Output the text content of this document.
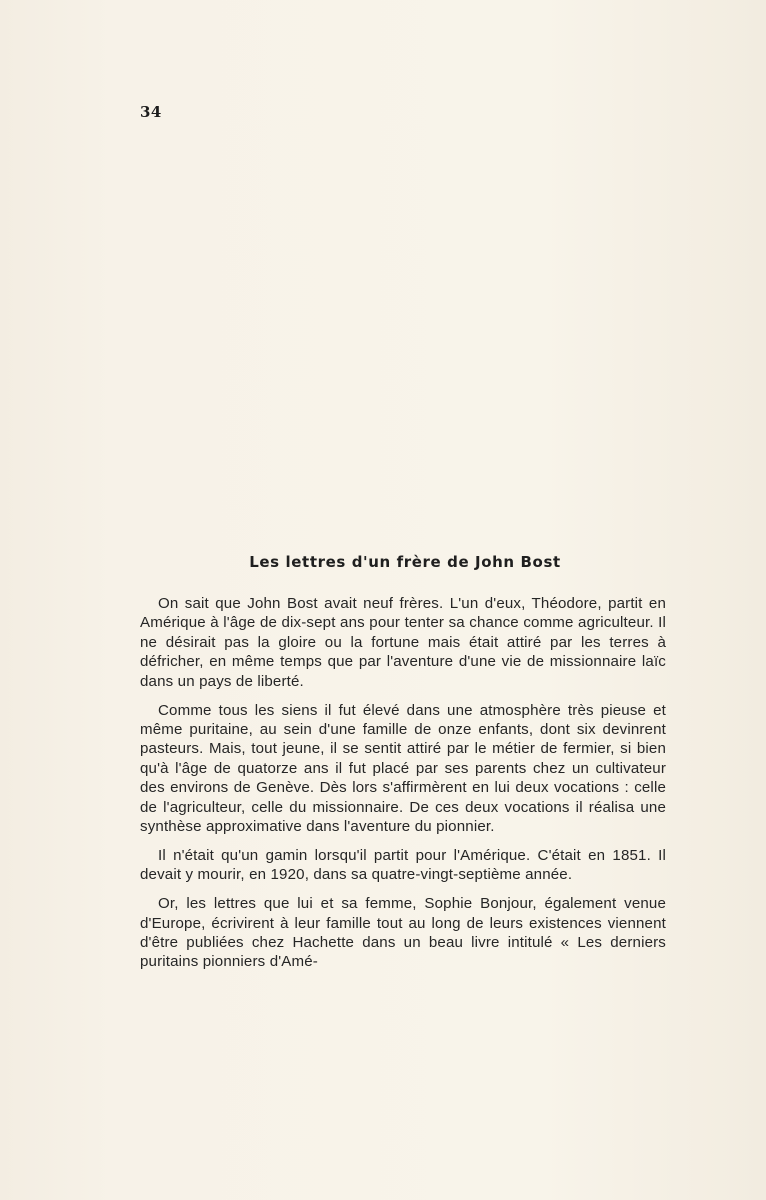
34
Les lettres d'un frère de John Bost

On sait que John Bost avait neuf frères. L'un d'eux, Théodore, partit en Amérique à l'âge de dix-sept ans pour tenter sa chance comme agriculteur. Il ne désirait pas la gloire ou la fortune mais était attiré par les terres à défricher, en même temps que par l'aventure d'une vie de missionnaire laïc dans un pays de liberté.

Comme tous les siens il fut élevé dans une atmosphère très pieuse et même puritaine, au sein d'une famille de onze enfants, dont six devinrent pasteurs. Mais, tout jeune, il se sentit attiré par le métier de fermier, si bien qu'à l'âge de quatorze ans il fut placé par ses parents chez un cultivateur des environs de Genève. Dès lors s'affirmèrent en lui deux vocations : celle de l'agriculteur, celle du missionnaire. De ces deux vocations il réalisa une synthèse approximative dans l'aventure du pionnier.

Il n'était qu'un gamin lorsqu'il partit pour l'Amérique. C'était en 1851. Il devait y mourir, en 1920, dans sa quatre-vingt-septième année.

Or, les lettres que lui et sa femme, Sophie Bonjour, également venue d'Europe, écrivirent à leur famille tout au long de leurs existences viennent d'être publiées chez Hachette dans un beau livre intitulé « Les derniers puritains pionniers d'Amé-
